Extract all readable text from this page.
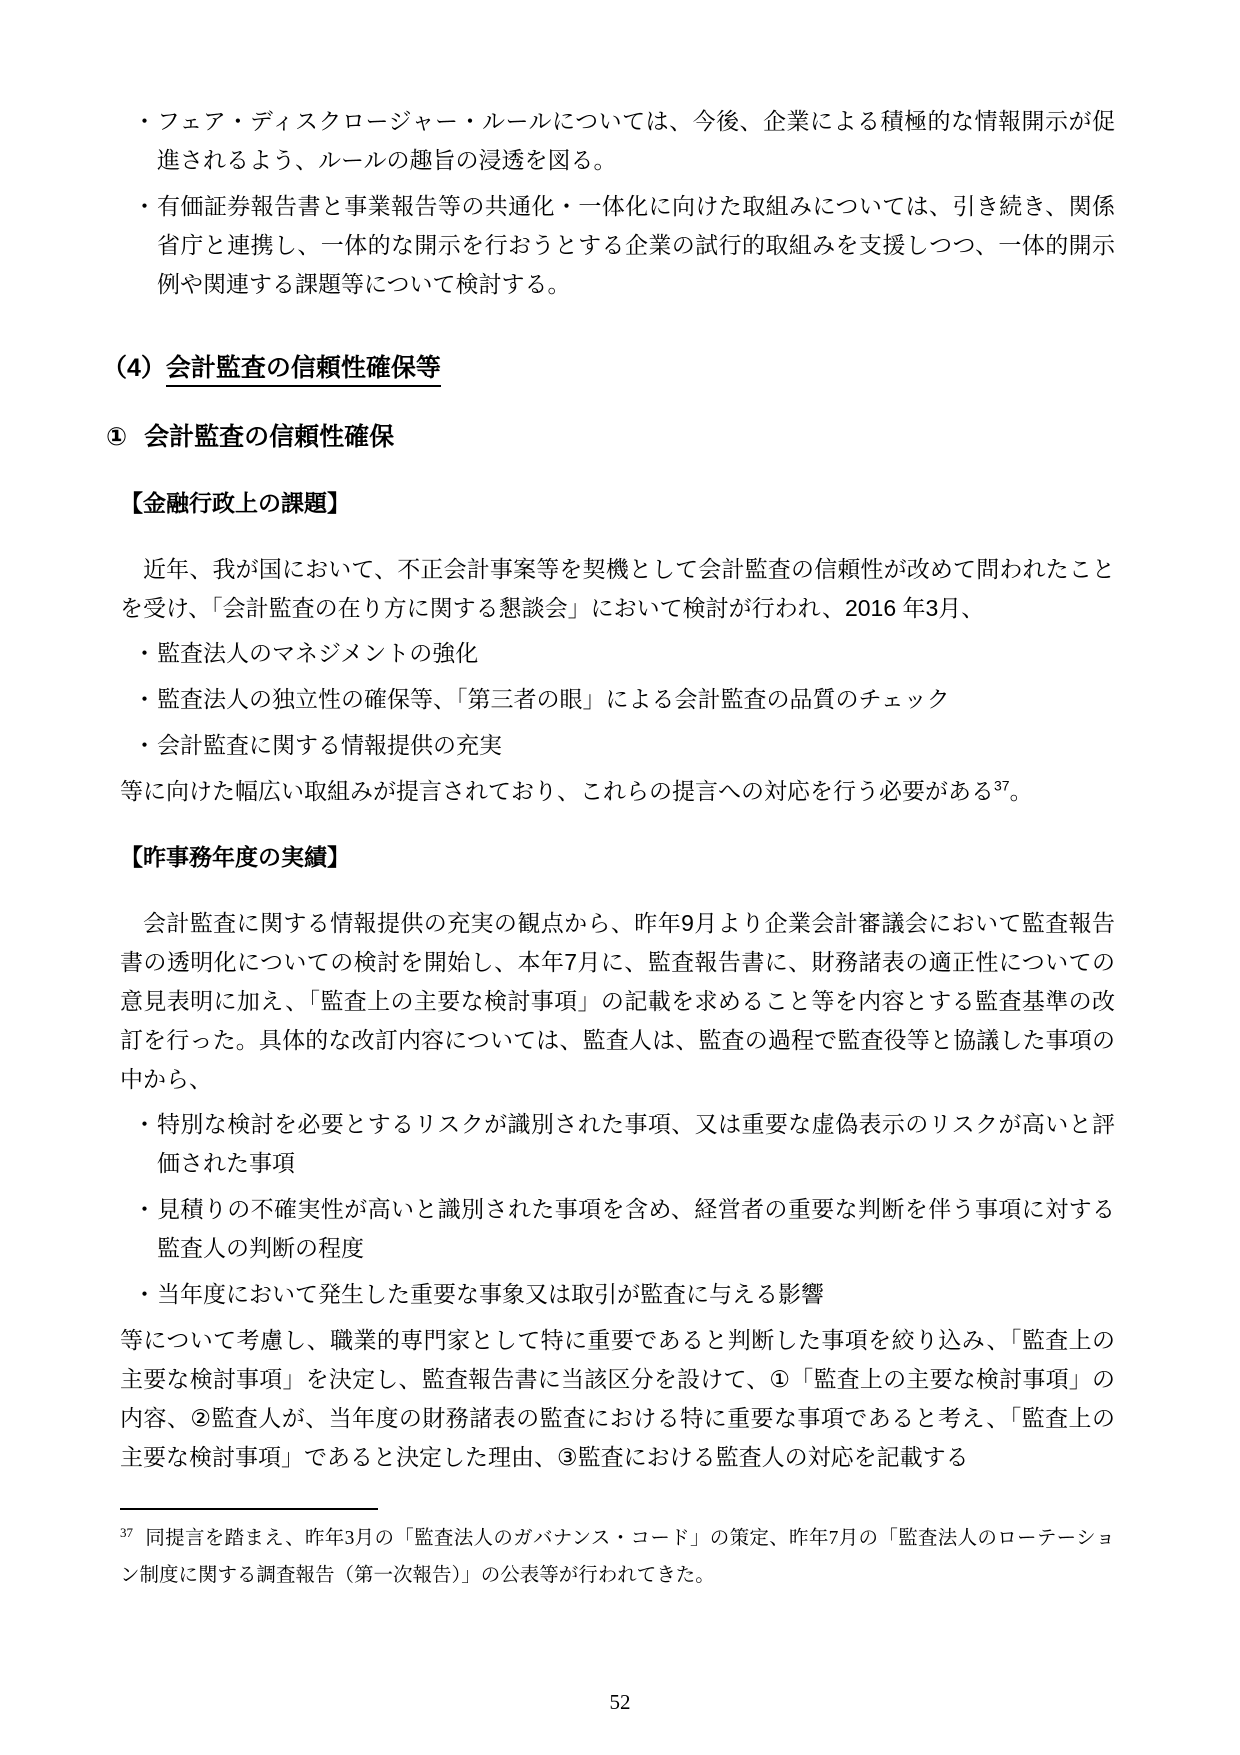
・ フェア・ディスクロージャー・ルールについては、今後、企業による積極的な情報開示が促進されるよう、ルールの趣旨の浸透を図る。
・ 有価証券報告書と事業報告等の共通化・一体化に向けた取組みについては、引き続き、関係省庁と連携し、一体的な開示を行おうとする企業の試行的取組みを支援しつつ、一体的開示例や関連する課題等について検討する。
（4）会計監査の信頼性確保等
① 会計監査の信頼性確保
【金融行政上の課題】

近年、我が国において、不正会計事案等を契機として会計監査の信頼性が改めて問われたことを受け、「会計監査の在り方に関する懇談会」において検討が行われ、2016 年3月、

・ 監査法人のマネジメントの強化
・ 監査法人の独立性の確保等、「第三者の眼」による会計監査の品質のチェック
・ 会計監査に関する情報提供の充実

等に向けた幅広い取組みが提言されており、これらの提言への対応を行う必要がある$^{37}$。

【昨事務年度の実績】

会計監査に関する情報提供の充実の観点から、昨年9月より企業会計審議会において監査報告書の透明化についての検討を開始し、本年7月に、監査報告書に、財務諸表の適正性についての意見表明に加え、「監査上の主要な検討事項」の記載を求めること等を内容とする監査基準の改訂を行った。具体的な改訂内容については、監査人は、監査の過程で監査役等と協議した事項の中から、

・ 特別な検討を必要とするリスクが識別された事項、又は重要な虚偽表示のリスクが高いと評価された事項
・ 見積りの不確実性が高いと識別された事項を含め、経営者の重要な判断を伴う事項に対する監査人の判断の程度
・ 当年度において発生した重要な事象又は取引が監査に与える影響

等について考慮し、職業的専門家として特に重要であると判断した事項を絞り込み、「監査上の主要な検討事項」を決定し、監査報告書に当該区分を設けて、①「監査上の主要な検討事項」の内容、②監査人が、当年度の財務諸表の監査における特に重要な事項であると考え、「監査上の主要な検討事項」であると決定した理由、③監査における監査人の対応を記載する

$^{37}$ 同提言を踏まえ、昨年3月の「監査法人のガバナンス・コード」の策定、昨年7月の「監査法人のローテーション制度に関する調査報告（第一次報告）」の公表等が行われてきた。

52
